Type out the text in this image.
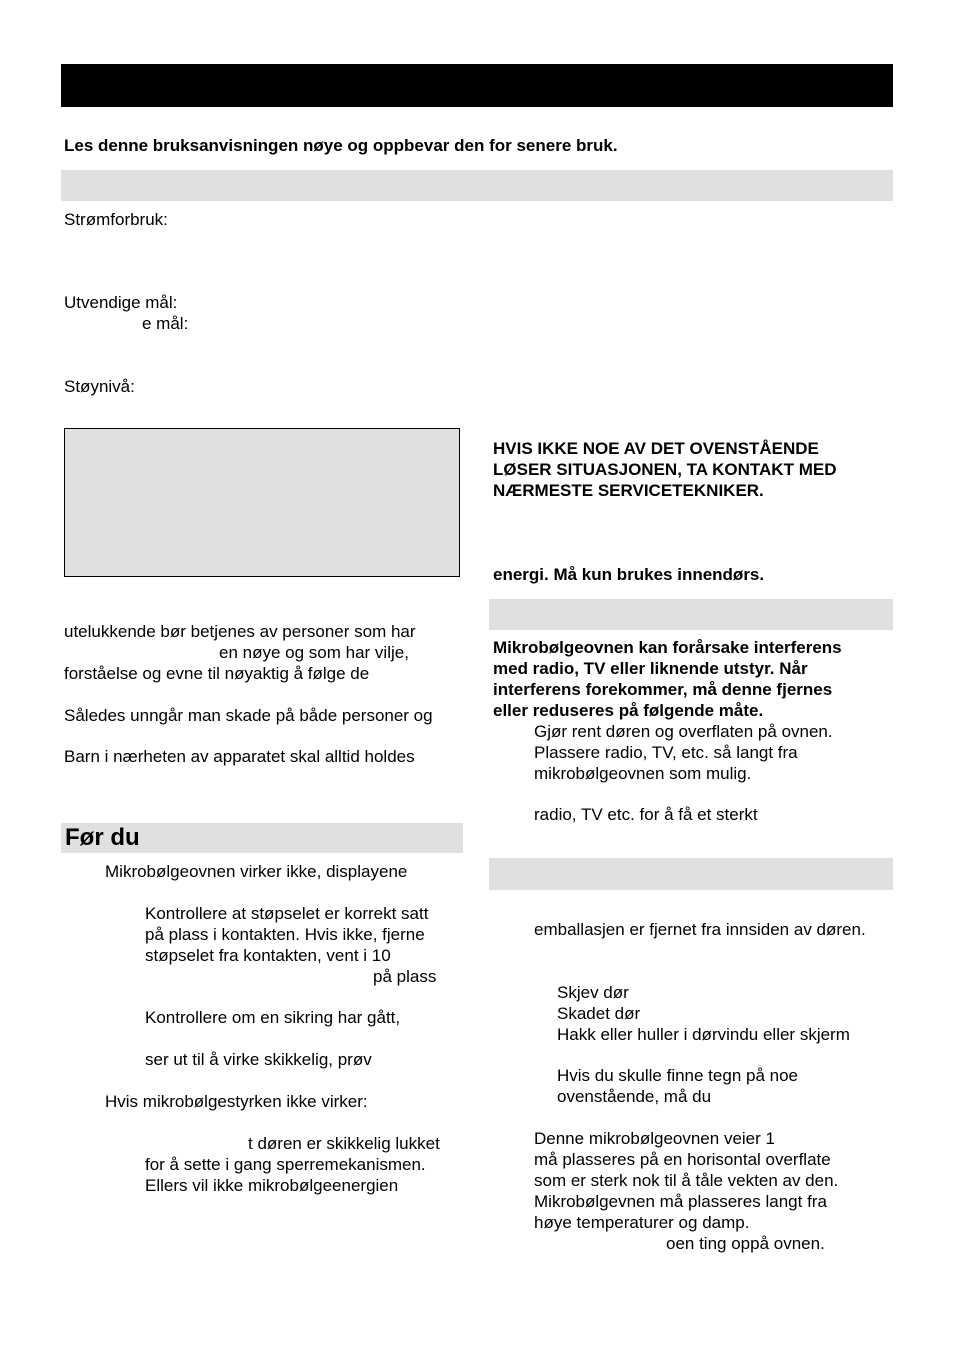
Les denne bruksanvisningen nøye og oppbevar den for senere bruk.
Strømforbruk:
Utvendige mål:
e mål:
Støynivå:
utelukkende bør betjenes av personer som har
en nøye og som har vilje,
forståelse og evne til nøyaktig å følge de
Således unngår man skade på både personer og
Barn i nærheten av apparatet skal alltid holdes
Før du
Mikrobølgeovnen virker ikke, displayene
Kontrollere at støpselet er korrekt satt
på plass i kontakten. Hvis ikke, fjerne
støpselet fra kontakten, vent i 10
på plass
Kontrollere om en sikring har gått,
ser ut til å virke skikkelig, prøv
Hvis mikrobølgestyrken ikke virker:
t døren er skikkelig lukket
for å sette i gang sperremekanismen.
Ellers vil ikke mikrobølgeenergien
HVIS IKKE NOE AV DET OVENSTÅENDE
LØSER SITUASJONEN, TA KONTAKT MED
NÆRMESTE SERVICETEKNIKER.
energi. Må kun brukes innendørs.
Mikrobølgeovnen kan forårsake interferens
med radio, TV eller liknende utstyr. Når
interferens forekommer, må denne fjernes
eller reduseres på følgende måte.
Gjør rent døren og overflaten på ovnen.
Plassere radio, TV, etc. så langt fra
mikrobølgeovnen som mulig.
radio, TV etc. for å få et sterkt
emballasjen er fjernet fra innsiden av døren.
Skjev dør
Skadet dør
Hakk eller huller i dørvindu eller skjerm
Hvis du skulle finne tegn på noe
ovenstående, må du
Denne mikrobølgeovnen veier 1
må plasseres på en horisontal overflate
som er sterk nok til å tåle vekten av den.
Mikrobølgevnen må plasseres langt fra
høye temperaturer og damp.
oen ting oppå ovnen.
